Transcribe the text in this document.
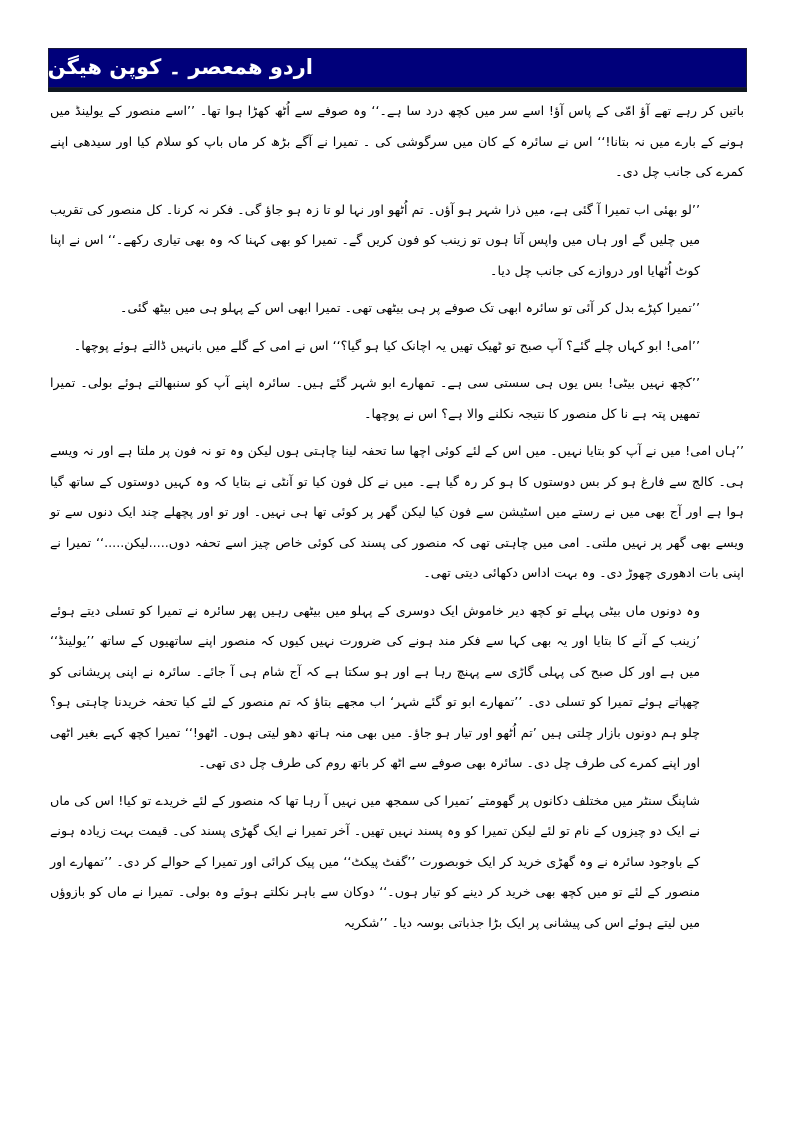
اردو ھمعصر ۔ کوپن ھیگن

باتیں کر رہے تھے آؤ امّی کے پاس آؤ! اسے سر میں کچھ درد سا ہے۔‘‘ وہ صوفے سے اُٹھ کھڑا ہوا تھا۔ ’’اسے منصور کے یولینڈ میں ہونے کے بارے میں نہ بتانا!‘‘ اس نے سائرہ کے کان میں سرگوشی کی ۔ تمیرا نے آگے بڑھ کر ماں باپ کو سلام کیا اور سیدھی اپنے کمرے کی جانب چل دی۔

’’لو بھئی اب تمیرا آ گئی ہے، میں ذرا شہر ہو آؤں۔ تم اُٹھو اور نہا لو تا زہ ہو جاؤ گی۔ فکر نہ کرنا۔ کل منصور کی تقریب میں چلیں گے اور ہاں میں واپس آتا ہوں تو زینب کو فون کریں گے۔ تمیرا کو بھی کہنا کہ وہ بھی تیاری رکھے۔‘‘ اس نے اپنا کوٹ اُٹھایا اور دروازے کی جانب چل دیا۔

’’تمیرا کپڑے بدل کر آئی تو سائرہ ابھی تک صوفے پر ہی بیٹھی تھی۔ تمیرا ابھی اس کے پہلو ہی میں بیٹھ گئی۔

’’امی! ابو کہاں چلے گئے؟ آپ صبح تو ٹھیک تھیں یہ اچانک کیا ہو گیا؟‘‘ اس نے امی کے گلے میں بانہیں ڈالتے ہوئے پوچھا۔

’’کچھ نہیں بیٹی! بس یوں ہی سستی سی ہے۔ تمھارے ابو شہر گئے ہیں۔ سائرہ اپنے آپ کو سنبھالتے ہوئے بولی۔ تمیرا تمھیں پتہ ہے نا کل منصور کا نتیجہ نکلنے والا ہے؟ اس نے پوچھا۔

’’ہاں امی! میں نے آپ کو بتایا نہیں۔ میں اس کے لئے کوئی اچھا سا تحفہ لینا چاہتی ہوں لیکن وہ تو نہ فون پر ملتا ہے اور نہ ویسے ہی۔ کالج سے فارغ ہو کر بس دوستوں کا ہو کر رہ گیا ہے۔ میں نے کل فون کیا تو آنٹی نے بتایا کہ وہ کہیں دوستوں کے ساتھ گیا ہوا ہے اور آج بھی میں نے رستے میں اسٹیشن سے فون کیا لیکن گھر پر کوئی تھا ہی نہیں۔ اور تو اور پچھلے چند ایک دنوں سے تو ویسے بھی گھر پر نہیں ملتی۔ امی میں چاہتی تھی کہ منصور کی پسند کی کوئی خاص چیز اسے تحفہ دوں.....لیکن.....‘‘ تمیرا نے اپنی بات ادھوری چھوڑ دی۔ وہ بہت اداس دکھائی دیتی تھی۔

وہ دونوں ماں بیٹی پہلے تو کچھ دیر خاموش ایک دوسری کے پہلو میں بیٹھی رہیں پھر سائرہ نے تمیرا کو تسلی دیتے ہوئے ’زینب کے آنے کا بتایا اور یہ بھی کہا سے فکر مند ہونے کی ضرورت نہیں کیوں کہ منصور اپنے ساتھیوں کے ساتھ ’’یولینڈ‘‘ میں ہے اور کل صبح کی پہلی گاڑی سے پہنچ رہا ہے اور ہو سکتا ہے کہ آج شام ہی آ جائے۔ سائرہ نے اپنی پریشانی کو چھپاتے ہوئے تمیرا کو تسلی دی۔ ’’تمھارے ابو تو گئے شہر‘ اب مجھے بتاؤ کہ تم منصور کے لئے کیا تحفہ خریدنا چاہتی ہو؟ چلو ہم دونوں بازار چلتی ہیں ’تم اُٹھو اور تیار ہو جاؤ۔ میں بھی منہ ہاتھ دھو لیتی ہوں۔ اٹھو!‘‘ تمیرا کچھ کہے بغیر اٹھی اور اپنے کمرے کی طرف چل دی۔ سائرہ بھی صوفے سے اٹھ کر باتھ روم کی طرف چل دی تھی۔

شاپنگ سنٹر میں مختلف دکانوں پر گھومتے ’تمیرا کی سمجھ میں نہیں آ رہا تھا کہ منصور کے لئے خریدے تو کیا! اس کی ماں نے ایک دو چیزوں کے نام تو لئے لیکن تمیرا کو وہ پسند نہیں تھیں۔ آخر تمیرا نے ایک گھڑی پسند کی۔ قیمت بہت زیادہ ہونے کے باوجود سائرہ نے وہ گھڑی خرید کر ایک خوبصورت ’’گفٹ پیکٹ‘‘ میں پیک کرائی اور تمیرا کے حوالے کر دی۔ ’’تمھارے اور منصور کے لئے تو میں کچھ بھی خرید کر دینے کو تیار ہوں۔‘‘ دوکان سے باہر نکلتے ہوئے وہ بولی۔ تمیرا نے ماں کو بازوؤں میں لیتے ہوئے اس کی پیشانی پر ایک بڑا جذباتی بوسہ دیا۔ ’’شکریہ
